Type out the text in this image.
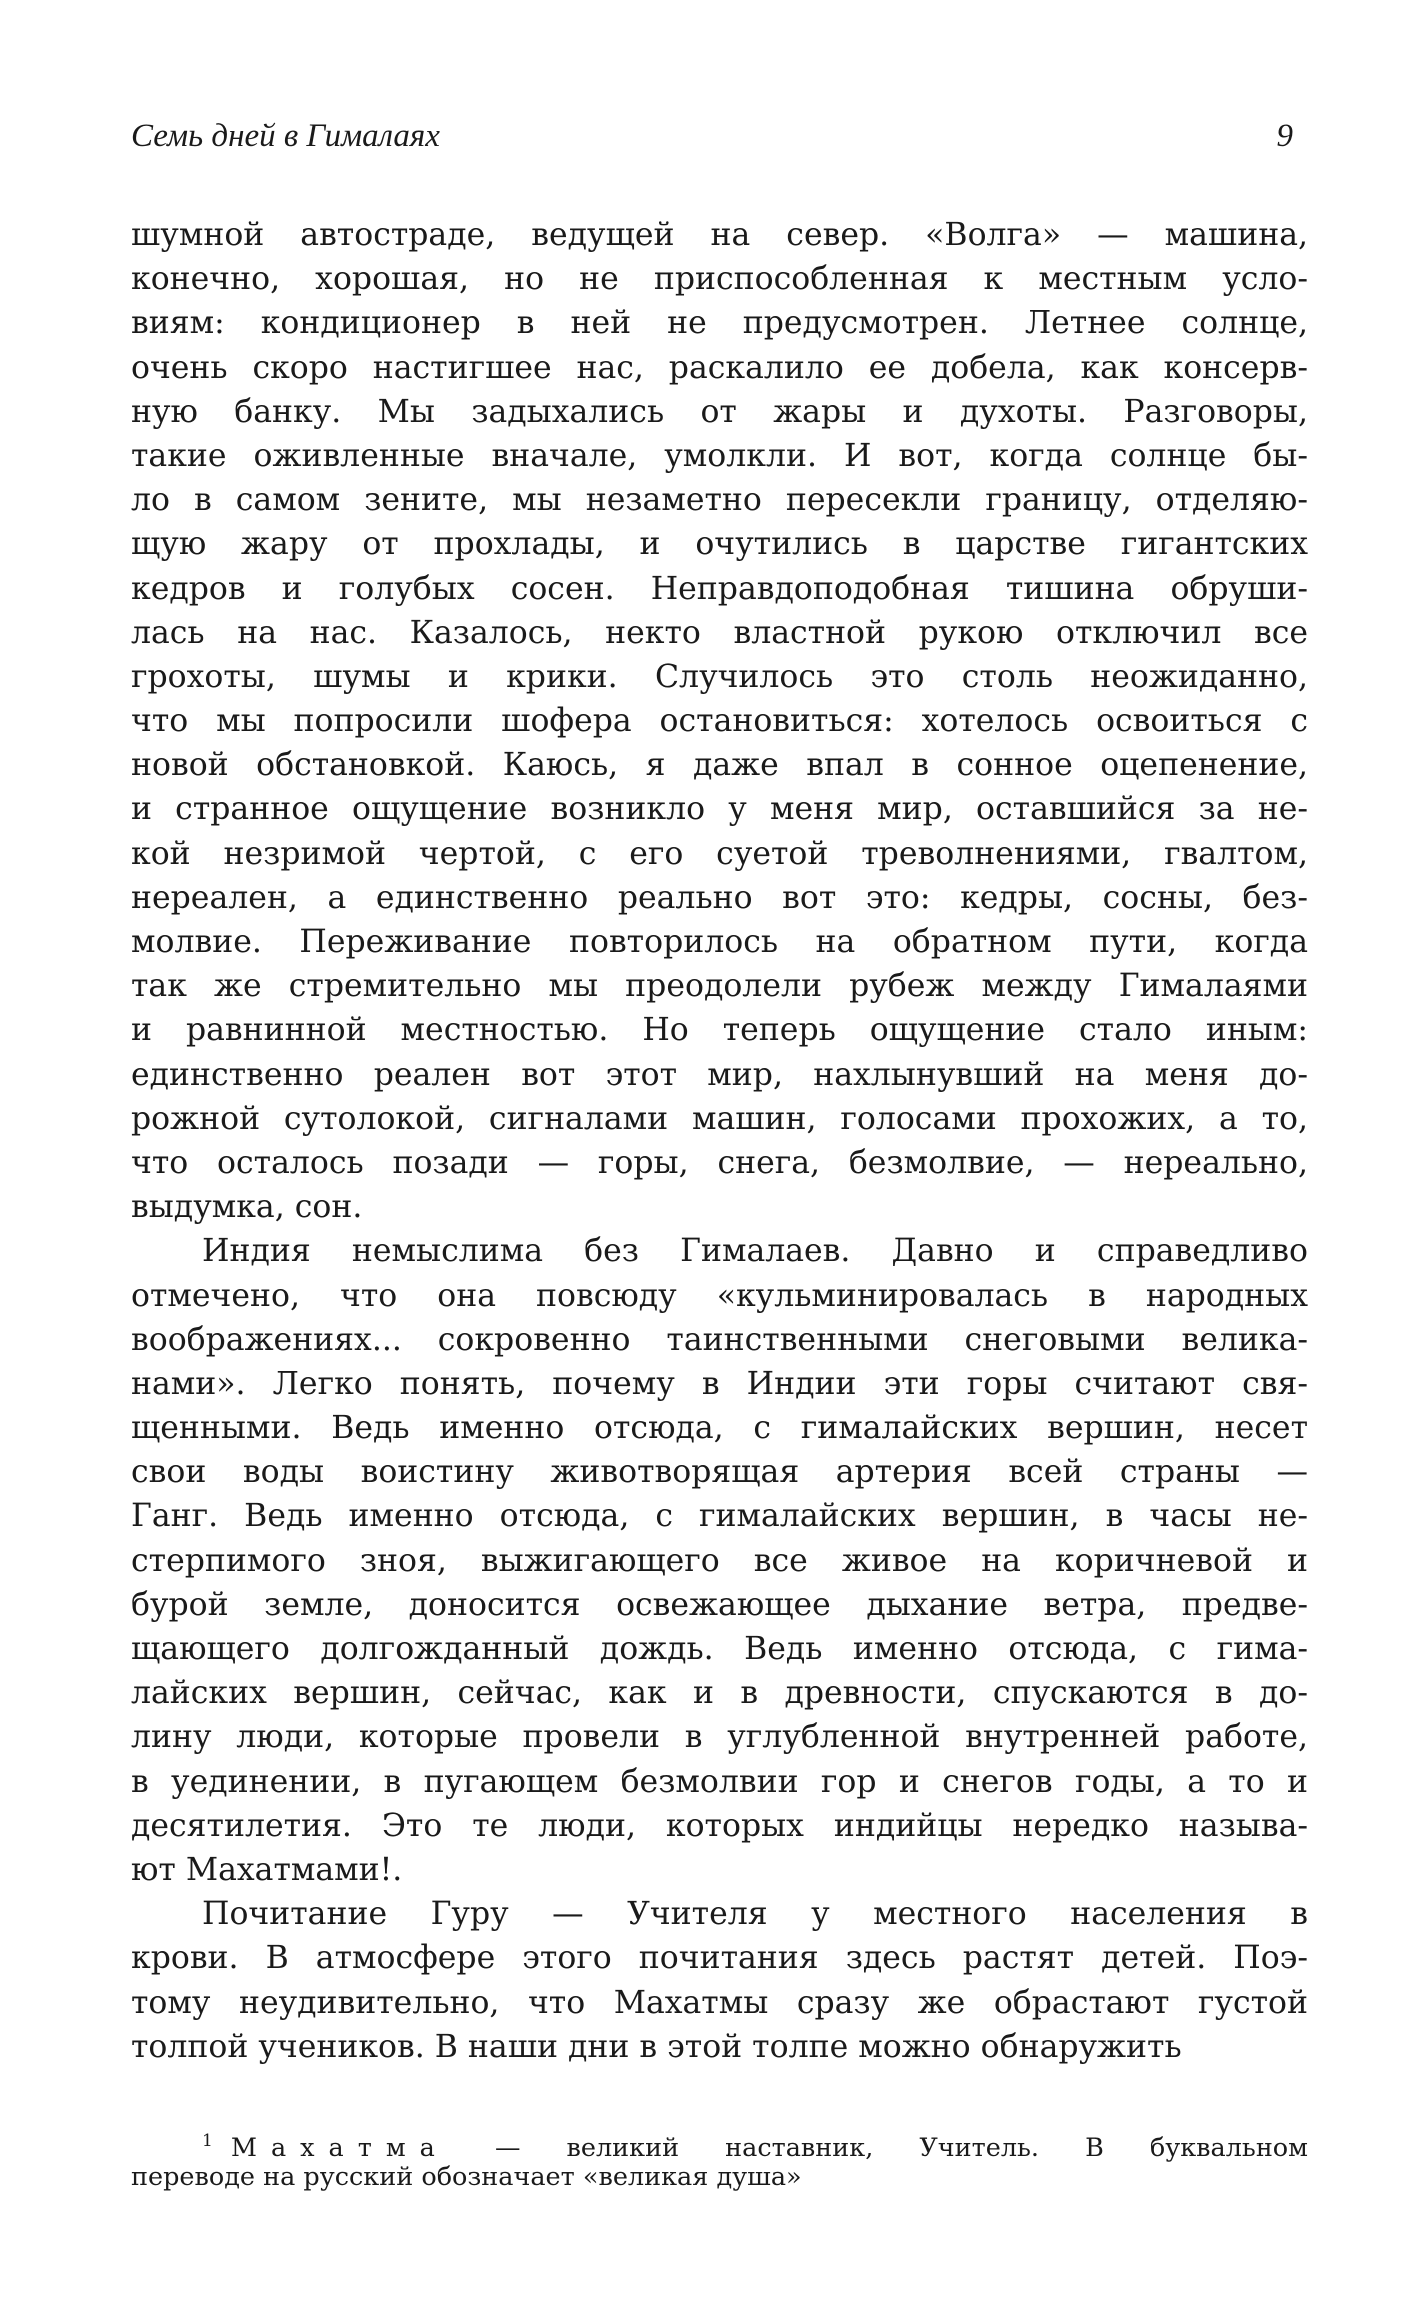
Семь дней в Гималаях	9
шумной автостраде, ведущей на север. «Волга» — машина,
конечно, хорошая, но не приспособленная к местным усло-
виям: кондиционер в ней не предусмотрен. Летнее солнце,
очень скоро настигшее нас, раскалило ее добела, как консерв-
ную банку. Мы задыхались от жары и духоты. Разговоры,
такие оживленные вначале, умолкли. И вот, когда солнце бы-
ло в самом зените, мы незаметно пересекли границу, отделяю-
щую жару от прохлады, и очутились в царстве гигантских
кедров и голубых сосен. Неправдоподобная тишина обруши-
лась на нас. Казалось, некто властной рукою отключил все
грохоты, шумы и крики. Случилось это столь неожиданно,
что мы попросили шофера остановиться: хотелось освоиться с
новой обстановкой. Каюсь, я даже впал в сонное оцепенение,
и странное ощущение возникло у меня мир, оставшийся за не-
кой незримой чертой, с его суетой треволнениями, гвалтом,
нереален, а единственно реально вот это: кедры, сосны, без-
молвие. Переживание повторилось на обратном пути, когда
так же стремительно мы преодолели рубеж между Гималаями
и равнинной местностью. Но теперь ощущение стало иным:
единственно реален вот этот мир, нахлынувший на меня до-
рожной сутолокой, сигналами машин, голосами прохожих, а то,
что осталось позади — горы, снега, безмолвие, — нереально,
выдумка, сон.
Индия немыслима без Гималаев. Давно и справедливо
отмечено, что она повсюду «кульминировалась в народных
воображениях... сокровенно таинственными снеговыми велика-
нами». Легко понять, почему в Индии эти горы считают свя-
щенными. Ведь именно отсюда, с гималайских вершин, несет
свои воды воистину животворящая артерия всей страны —
Ганг. Ведь именно отсюда, с гималайских вершин, в часы не-
стерпимого зноя, выжигающего все живое на коричневой и
бурой земле, доносится освежающее дыхание ветра, предве-
щающего долгожданный дождь. Ведь именно отсюда, с гима-
лайских вершин, сейчас, как и в древности, спускаются в до-
лину люди, которые провели в углубленной внутренней работе,
в уединении, в пугающем безмолвии гор и снегов годы, а то и
десятилетия. Это те люди, которых индийцы нередко называ-
ют Махатмами!.
Почитание Гуру — Учителя у местного населения в
крови. В атмосфере этого почитания здесь растят детей. Поэ-
тому неудивительно, что Махатмы сразу же обрастают густой
толпой учеников. В наши дни в этой толпе можно обнаружить
$^1$ Махатма — великий наставник, Учитель. В буквальном
переводе на русский обозначает «великая душа»
